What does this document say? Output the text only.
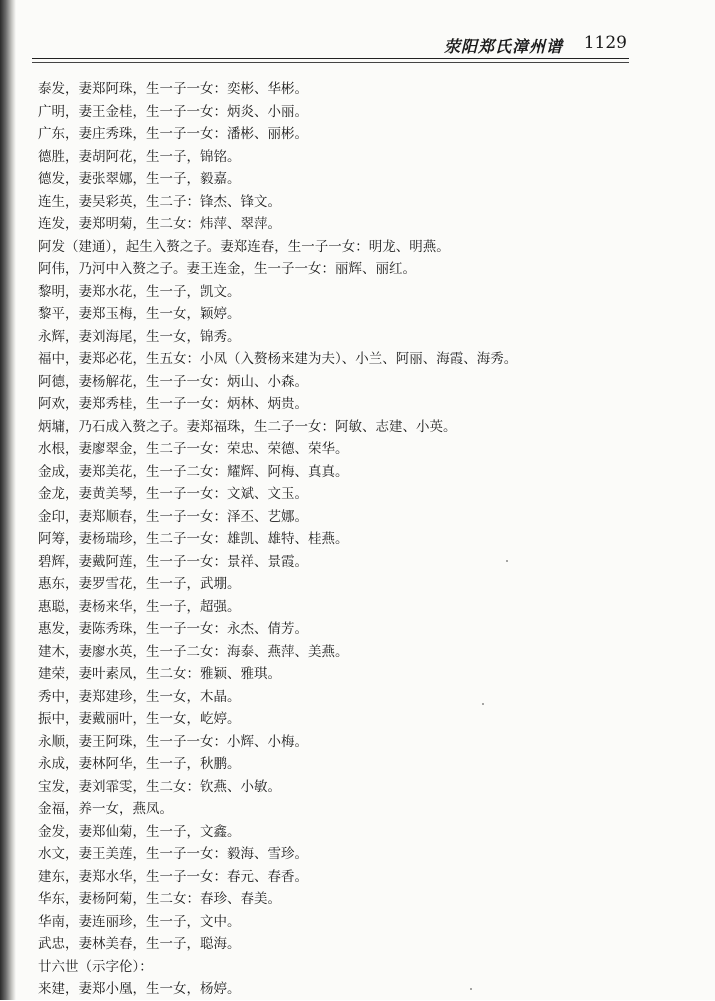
荥阳郑氏漳州谱 1129
泰发，妻郑阿珠，生一子一女：奕彬、华彬。
广明，妻王金桂，生一子一女：炳炎、小丽。
广东，妻庄秀珠，生一子一女：潘彬、丽彬。
德胜，妻胡阿花，生一子，锦铭。
德发，妻张翠娜，生一子，毅嘉。
连生，妻吴彩英，生二子：锋杰、锋文。
连发，妻郑明菊，生二女：炜萍、翠萍。
阿发（建通），起生入赘之子。妻郑连春，生一子一女：明龙、明燕。
阿伟，乃河中入赘之子。妻王连金，生一子一女：丽辉、丽红。
黎明，妻郑水花，生一子，凯文。
黎平，妻郑玉梅，生一女，颖婷。
永辉，妻刘海尾，生一女，锦秀。
福中，妻郑必花，生五女：小凤（入赘杨来建为夫）、小兰、阿丽、海霞、海秀。
阿德，妻杨解花，生一子一女：炳山、小森。
阿欢，妻郑秀桂，生一子一女：炳林、炳贵。
炳墉，乃石成入赘之子。妻郑福珠，生二子一女：阿敏、志建、小英。
水根，妻廖翠金，生二子一女：荣忠、荣德、荣华。
金成，妻郑美花，生一子二女：耀辉、阿梅、真真。
金龙，妻黄美琴，生一子一女：文斌、文玉。
金印，妻郑顺春，生一子一女：泽丕、艺娜。
阿筹，妻杨瑞珍，生二子一女：雄凯、雄特、桂燕。
碧辉，妻戴阿莲，生一子一女：景祥、景霞。
惠东，妻罗雪花，生一子，武堋。
惠聪，妻杨来华，生一子，超强。
惠发，妻陈秀珠，生一子一女：永杰、倩芳。
建木，妻廖水英，生一子二女：海泰、燕萍、美燕。
建荣，妻叶素凤，生二女：雅颖、雅琪。
秀中，妻郑建珍，生一女，木晶。
振中，妻戴丽叶，生一女，屹婷。
永顺，妻王阿珠，生一子一女：小辉、小梅。
永成，妻林阿华，生一子，秋鹏。
宝发，妻刘霏雯，生二女：钦燕、小敏。
金福，养一女，燕凤。
金发，妻郑仙菊，生一子，文鑫。
水文，妻王美莲，生一子一女：毅海、雪珍。
建东，妻郑水华，生一子一女：春元、春香。
华东，妻杨阿菊，生二女：春珍、春美。
华南，妻连丽珍，生一子，文中。
武忠，妻林美春，生一子，聪海。
廿六世（示字伦）：
来建，妻郑小凰，生一女，杨婷。
